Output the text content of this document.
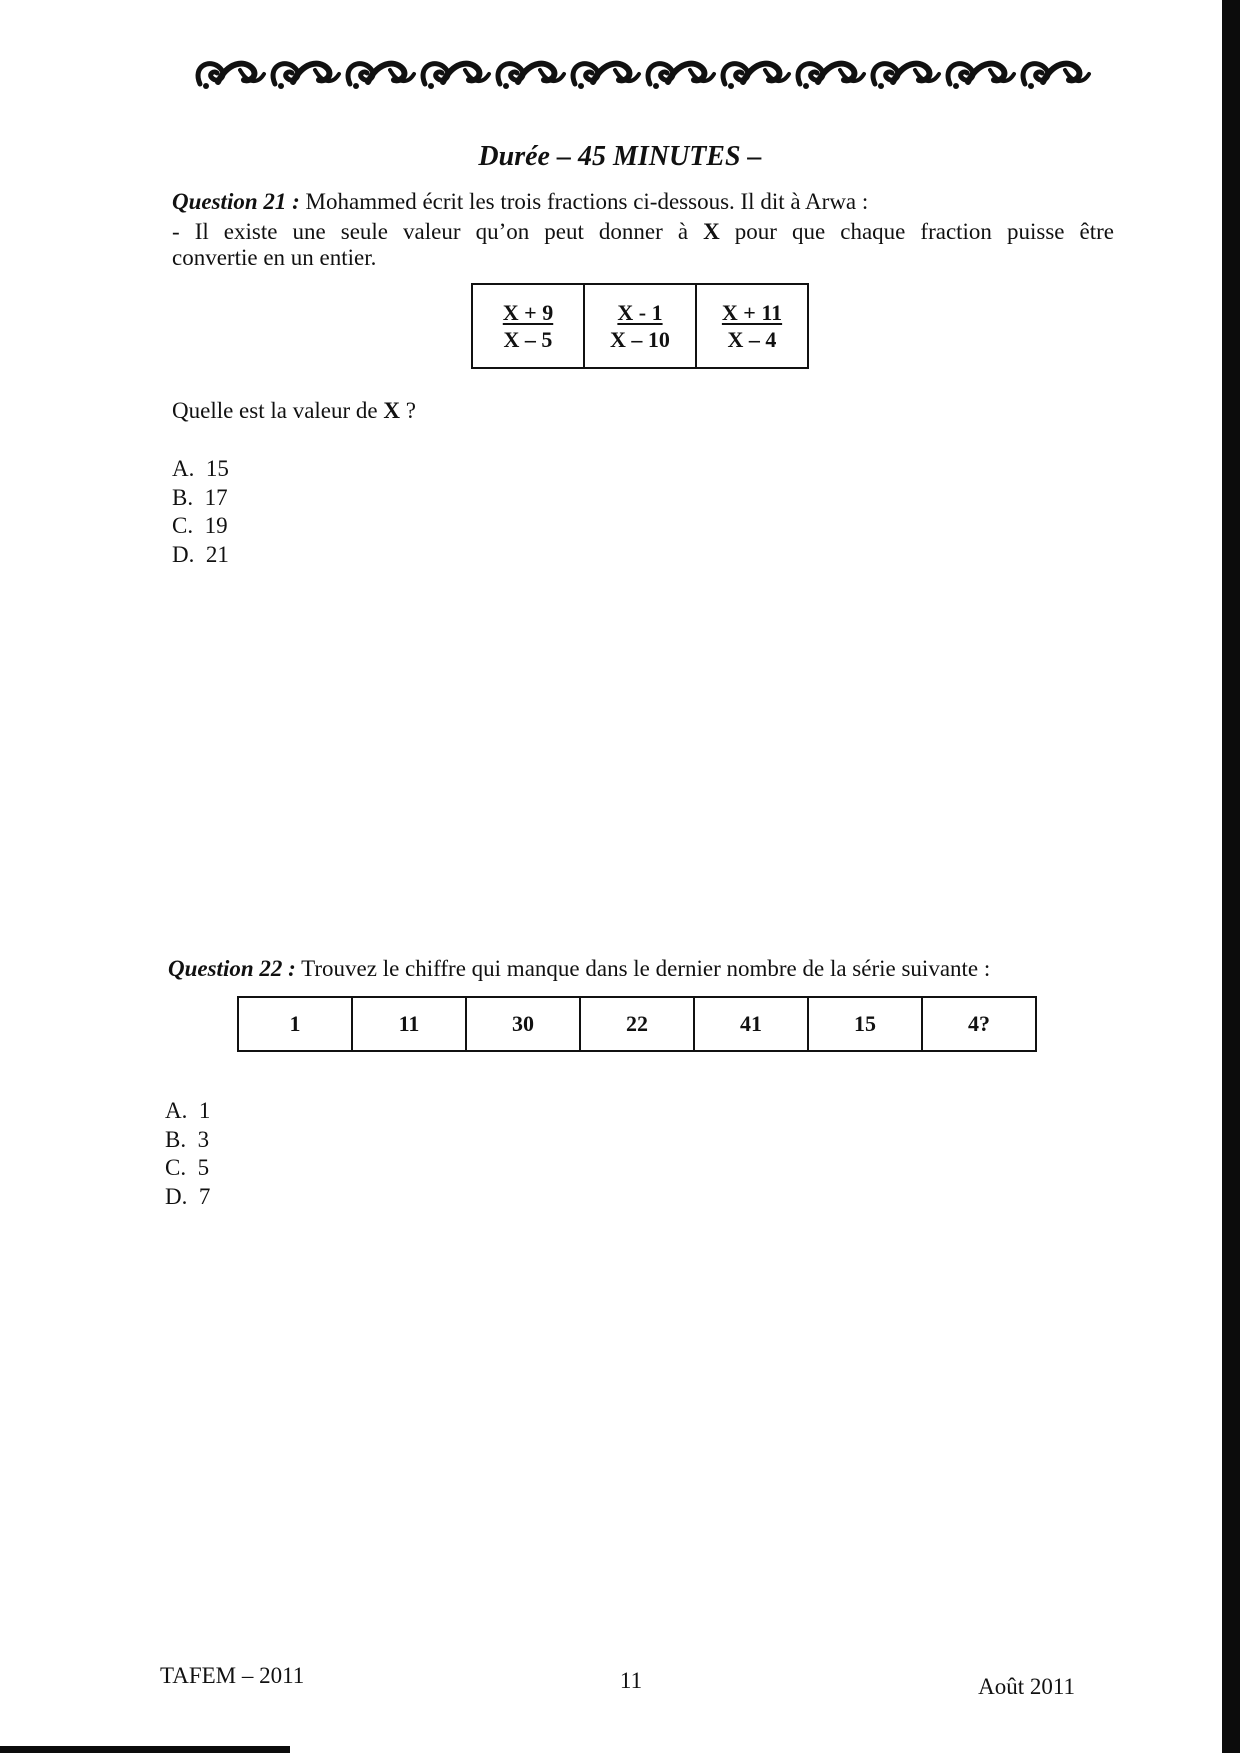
Durée – 45 MINUTES –
Question 21 : Mohammed écrit les trois fractions ci-dessous. Il dit à Arwa :
- Il existe une seule valeur qu’on peut donner à X pour que chaque fraction puisse être
convertie en un entier.
$\frac{X + 9}{X - 5}$	$\frac{X - 1}{X - 10}$	$\frac{X + 11}{X - 4}$
Quelle est la valeur de X ?
A. 15
B. 17
C. 19
D. 21
Question 22 : Trouvez le chiffre qui manque dans le dernier nombre de la série suivante :
1	11	30	22	41	15	4?
A. 1
B. 3
C. 5
D. 7
TAFEM – 2011	11	Août 2011
